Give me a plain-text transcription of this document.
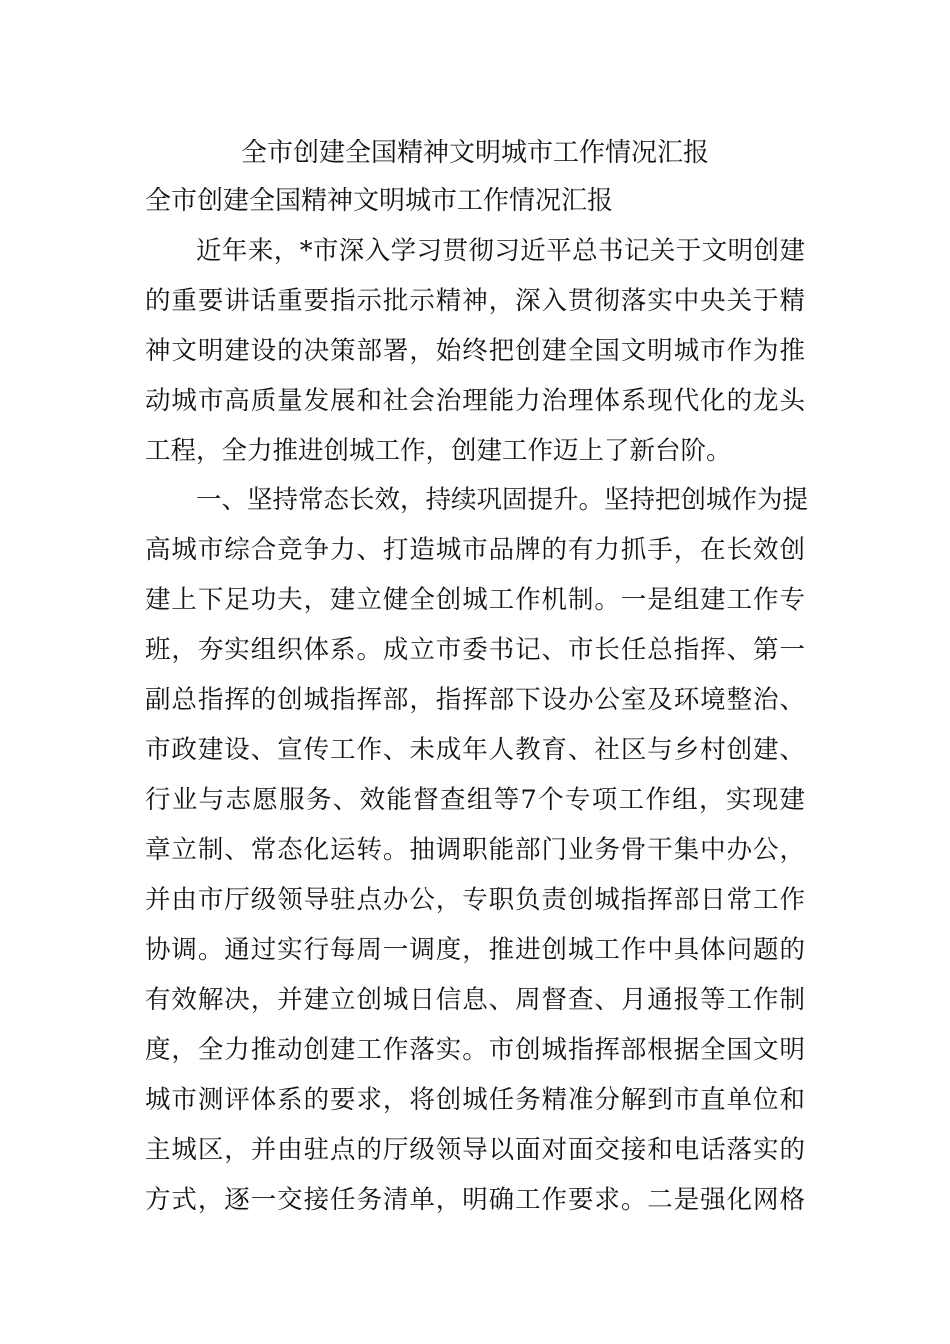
全市创建全国精神文明城市工作情况汇报
全市创建全国精神文明城市工作情况汇报

近年来，*市深入学习贯彻习近平总书记关于文明创建
的重要讲话重要指示批示精神，深入贯彻落实中央关于精
神文明建设的决策部署，始终把创建全国文明城市作为推
动城市高质量发展和社会治理能力治理体系现代化的龙头
工程，全力推进创城工作，创建工作迈上了新台阶。

一、坚持常态长效，持续巩固提升。坚持把创城作为提
高城市综合竞争力、打造城市品牌的有力抓手，在长效创
建上下足功夫，建立健全创城工作机制。一是组建工作专
班，夯实组织体系。成立市委书记、市长任总指挥、第一
副总指挥的创城指挥部，指挥部下设办公室及环境整治、
市政建设、宣传工作、未成年人教育、社区与乡村创建、
行业与志愿服务、效能督查组等7个专项工作组，实现建
章立制、常态化运转。抽调职能部门业务骨干集中办公，
并由市厅级领导驻点办公，专职负责创城指挥部日常工作
协调。通过实行每周一调度，推进创城工作中具体问题的
有效解决，并建立创城日信息、周督查、月通报等工作制
度，全力推动创建工作落实。市创城指挥部根据全国文明
城市测评体系的要求，将创城任务精准分解到市直单位和
主城区，并由驻点的厅级领导以面对面交接和电话落实的
方式，逐一交接任务清单，明确工作要求。二是强化网格
